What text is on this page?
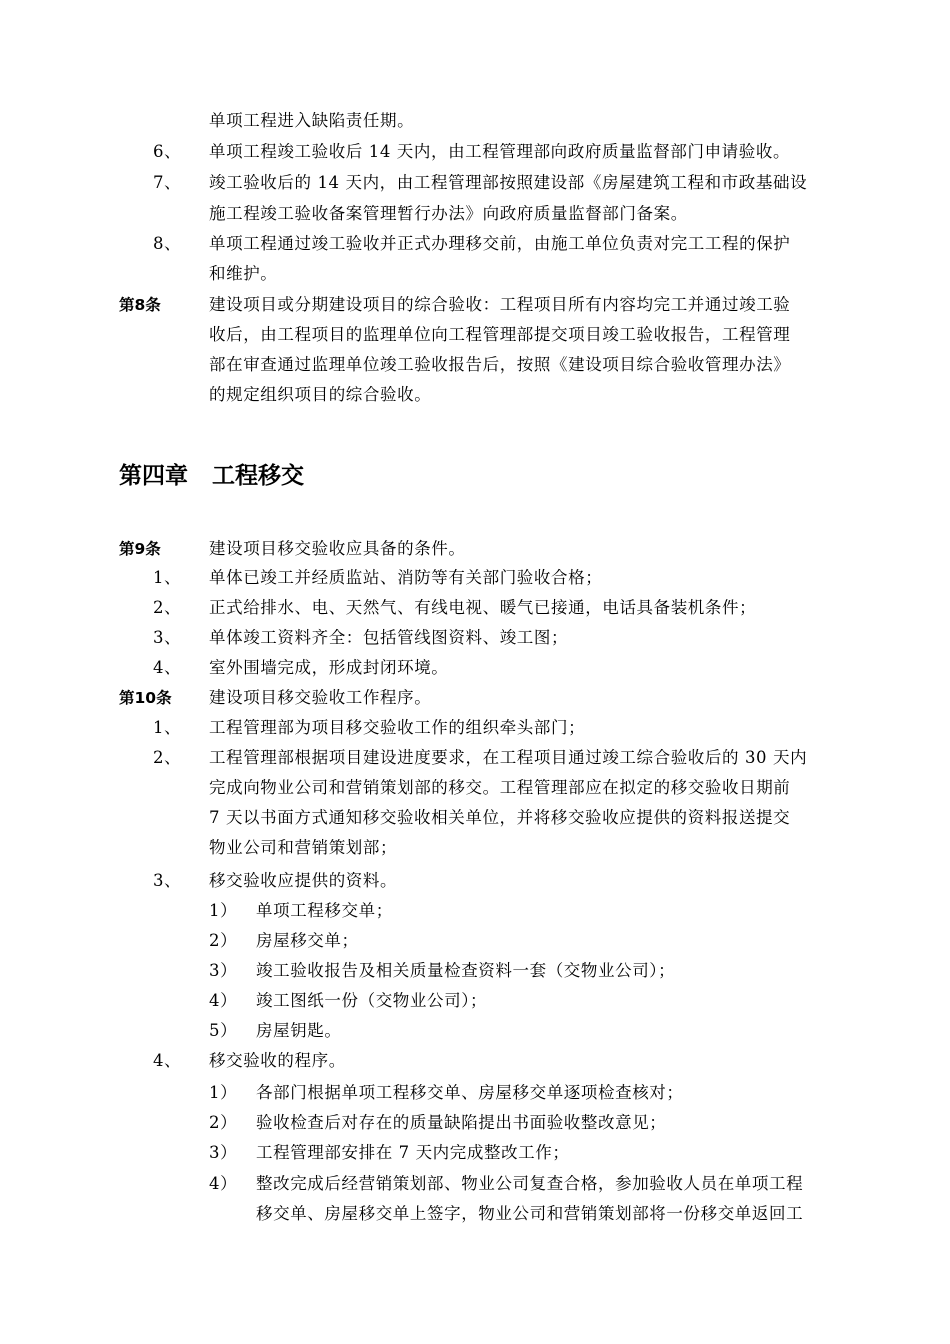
单项工程进入缺陷责任期。
6、 单项工程竣工验收后 14 天内，由工程管理部向政府质量监督部门申请验收。
7、 竣工验收后的 14 天内，由工程管理部按照建设部《房屋建筑工程和市政基础设
施工程竣工验收备案管理暂行办法》向政府质量监督部门备案。
8、 单项工程通过竣工验收并正式办理移交前，由施工单位负责对完工工程的保护
和维护。
第8条	建设项目或分期建设项目的综合验收：工程项目所有内容均完工并通过竣工验
收后，由工程项目的监理单位向工程管理部提交项目竣工验收报告，工程管理
部在审查通过监理单位竣工验收报告后，按照《建设项目综合验收管理办法》
的规定组织项目的综合验收。
第四章 工程移交
第9条	建设项目移交验收应具备的条件。
1、 单体已竣工并经质监站、消防等有关部门验收合格；
2、 正式给排水、电、天然气、有线电视、暖气已接通，电话具备装机条件；
3、 单体竣工资料齐全：包括管线图资料、竣工图；
4、 室外围墙完成，形成封闭环境。
第10条 建设项目移交验收工作程序。
1、 工程管理部为项目移交验收工作的组织牵头部门；
2、 工程管理部根据项目建设进度要求，在工程项目通过竣工综合验收后的 30 天内
完成向物业公司和营销策划部的移交。工程管理部应在拟定的移交验收日期前
7 天以书面方式通知移交验收相关单位，并将移交验收应提供的资料报送提交
物业公司和营销策划部；
3、 移交验收应提供的资料。
1） 单项工程移交单；
2） 房屋移交单；
3） 竣工验收报告及相关质量检查资料一套（交物业公司）；
4） 竣工图纸一份（交物业公司）；
5） 房屋钥匙。
4、 移交验收的程序。
1） 各部门根据单项工程移交单、房屋移交单逐项检查核对；
2） 验收检查后对存在的质量缺陷提出书面验收整改意见；
3） 工程管理部安排在 7 天内完成整改工作；
4） 整改完成后经营销策划部、物业公司复查合格，参加验收人员在单项工程
移交单、房屋移交单上签字，物业公司和营销策划部将一份移交单返回工
